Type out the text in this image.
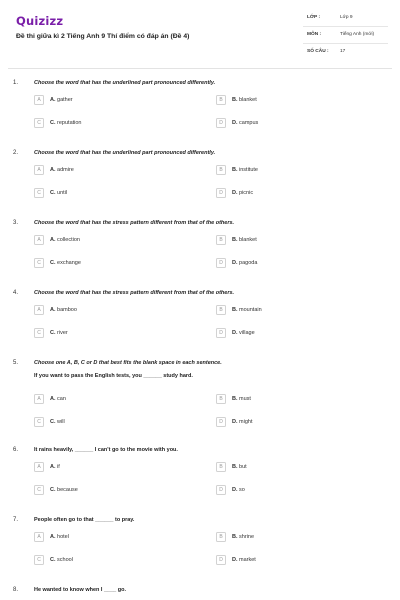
Quizizz
Đề thi giữa kì 2 Tiếng Anh 9 Thí điểm có đáp án (Đề 4)
LỚP :	Lớp 9
MÔN :	Tiếng Anh (mới)
SỐ CÂU : 17
1.	Choose the word that has the underlined part pronounced differently.
A	A. gather	B	B. blanket
C	C. reputation	D	D. campus
2.	Choose the word that has the underlined part pronounced differently.
A	A. admire	B	B. institute
C	C. until	D	D. picnic
3.	Choose the word that has the stress pattern different from that of the others.
A	A. collection	B	B. blanket
C	C. exchange	D	D. pagoda
4.	Choose the word that has the stress pattern different from that of the others.
A	A. bamboo	B	B. mountain
C	C. river	D	D. village
5.	Choose one A, B, C or D that best fits the blank space in each sentence.
If you want to pass the English tests, you ______ study hard.
A	A. can	B	B. must
C	C. will	D	D. might
6.	It rains heavily, ______ I can't go to the movie with you.
A	A. if	B	B. but
C	C. because	D	D. so
7.	People often go to that ______ to pray.
A	A. hotel	B	B. shrine
C	C. school	D	D. market
8.	He wanted to know when I ____ go.
